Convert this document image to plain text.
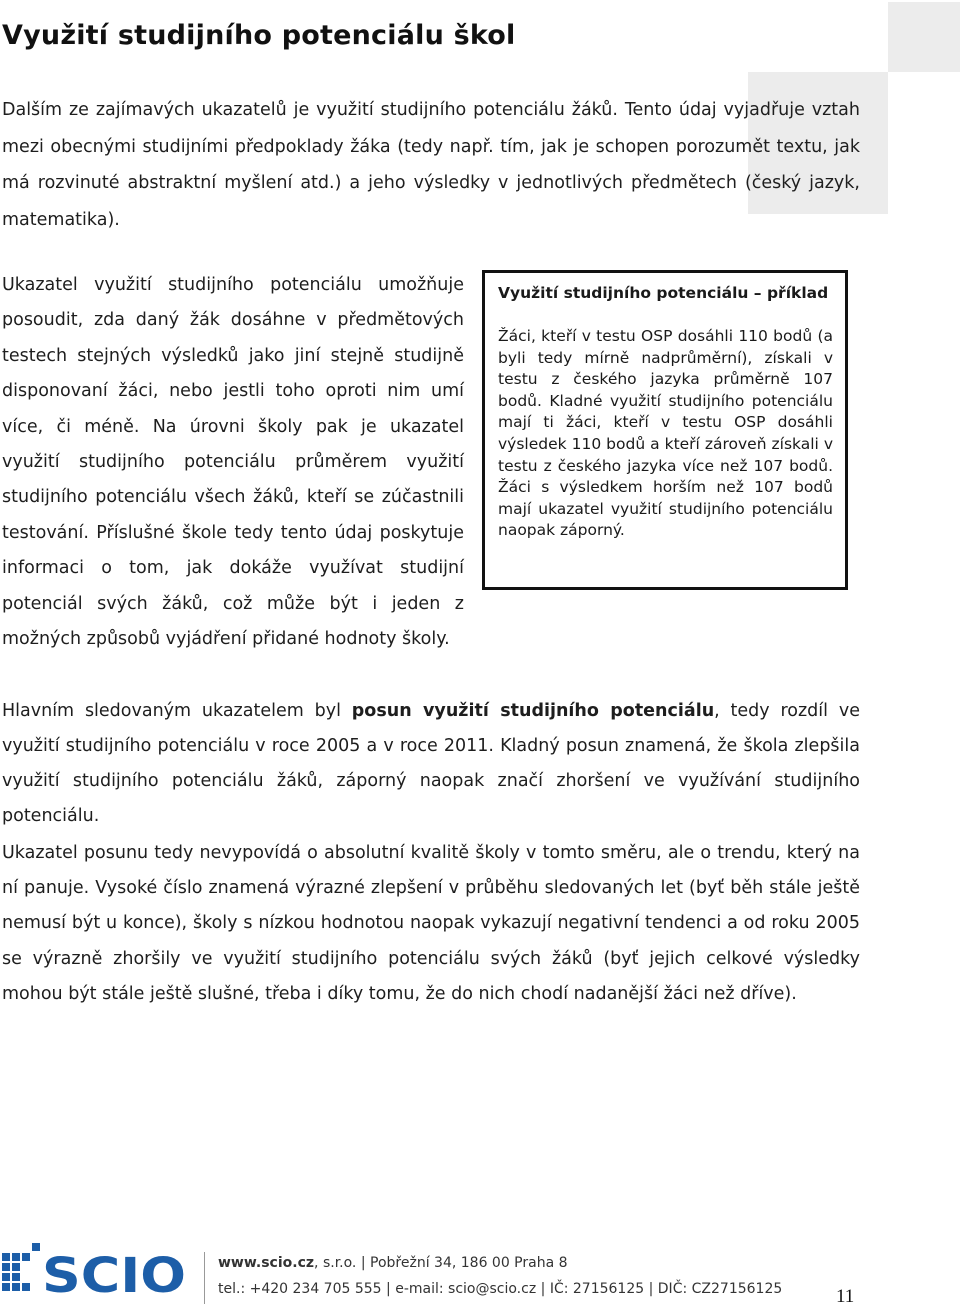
Využití studijního potenciálu škol

Dalším ze zajímavých ukazatelů je využití studijního potenciálu žáků. Tento údaj vyjadřuje vztah mezi obecnými studijními předpoklady žáka (tedy např. tím, jak je schopen porozumět textu, jak má rozvinuté abstraktní myšlení atd.) a jeho výsledky v jednotlivých předmětech (český jazyk, matematika).

Ukazatel využití studijního potenciálu umožňuje posoudit, zda daný žák dosáhne v předmětových testech stejných výsledků jako jiní stejně studijně disponovaní žáci, nebo jestli toho oproti nim umí více, či méně. Na úrovni školy pak je ukazatel využití studijního potenciálu průměrem využití studijního potenciálu všech žáků, kteří se zúčastnili testování. Příslušné škole tedy tento údaj poskytuje informaci o tom, jak dokáže využívat studijní potenciál svých žáků, což může být i jeden z možných způsobů vyjádření přidané hodnoty školy.

Využití studijního potenciálu – příklad

Žáci, kteří v testu OSP dosáhli 110 bodů (a byli tedy mírně nadprůměrní), získali v testu z českého jazyka průměrně 107 bodů. Kladné využití studijního potenciálu mají ti žáci, kteří v testu OSP dosáhli výsledek 110 bodů a kteří zároveň získali v testu z českého jazyka více než 107 bodů. Žáci s výsledkem horším než 107 bodů mají ukazatel využití studijního potenciálu naopak záporný.

Hlavním sledovaným ukazatelem byl posun využití studijního potenciálu, tedy rozdíl ve využití studijního potenciálu v roce 2005 a v roce 2011. Kladný posun znamená, že škola zlepšila využití studijního potenciálu žáků, záporný naopak značí zhoršení ve využívání studijního potenciálu.

Ukazatel posunu tedy nevypovídá o absolutní kvalitě školy v tomto směru, ale o trendu, který na ní panuje. Vysoké číslo znamená výrazné zlepšení v průběhu sledovaných let (byť běh stále ještě nemusí být u konce), školy s nízkou hodnotou naopak vykazují negativní tendenci a od roku 2005 se výrazně zhoršily ve využití studijního potenciálu svých žáků (byť jejich celkové výsledky mohou být stále ještě slušné, třeba i díky tomu, že do nich chodí nadanější žáci než dříve).

SCIO	www.scio.cz, s.r.o. | Pobřežní 34, 186 00 Praha 8
tel.: +420 234 705 555 | e-mail: scio@scio.cz | IČ: 27156125 | DIČ: CZ27156125	11
